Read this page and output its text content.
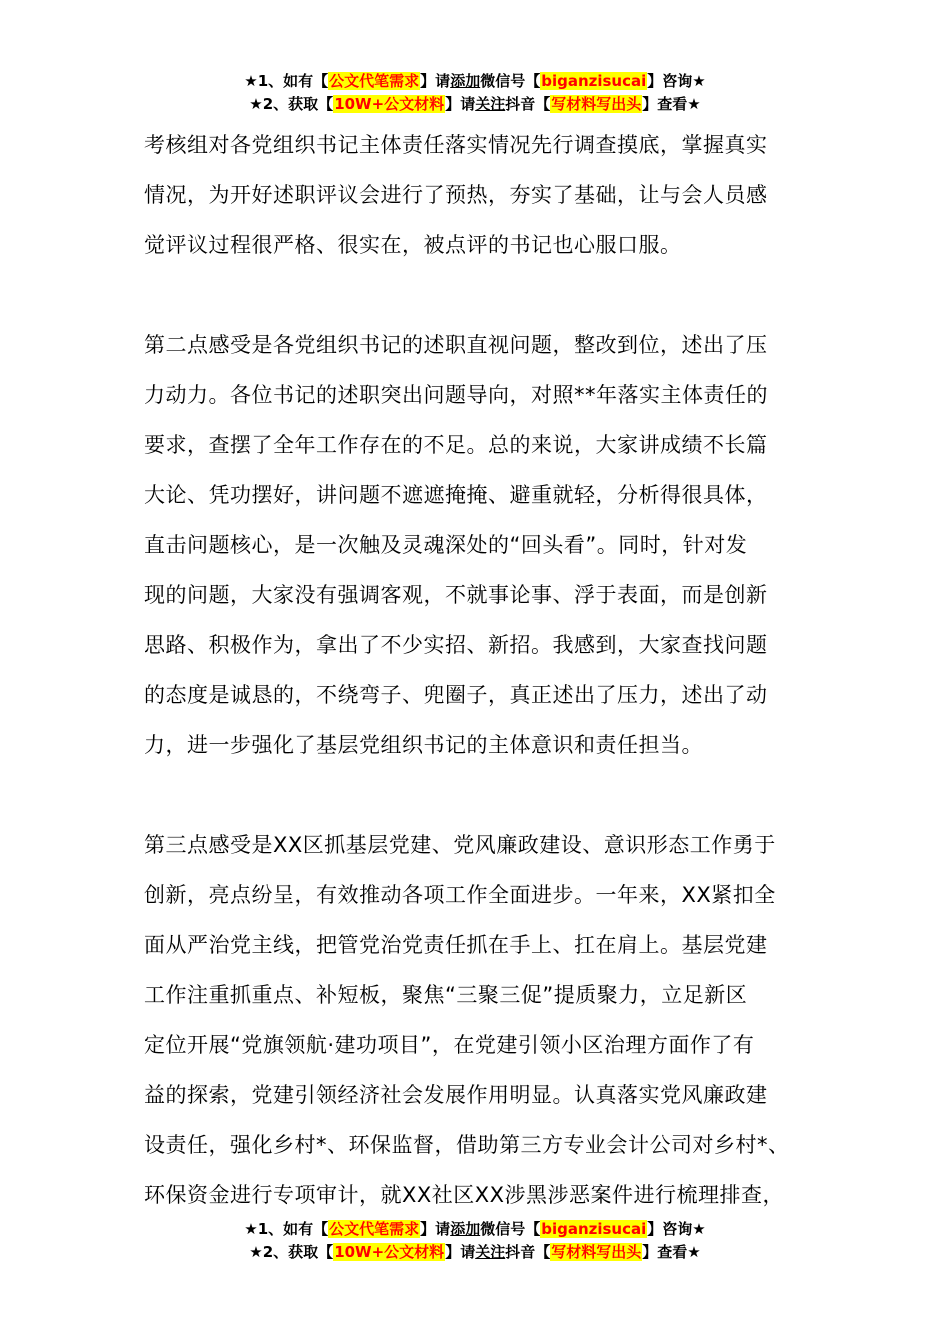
★1、如有【公文代笔需求】请添加微信号【biganzisucai】咨询★
★2、获取【10W+公文材料】请关注抖音【写材料写出头】查看★
考核组对各党组织书记主体责任落实情况先行调查摸底，掌握真实
情况，为开好述职评议会进行了预热，夯实了基础，让与会人员感
觉评议过程很严格、很实在，被点评的书记也心服口服。
第二点感受是各党组织书记的述职直视问题，整改到位，述出了压
力动力。各位书记的述职突出问题导向，对照**年落实主体责任的
要求，查摆了全年工作存在的不足。总的来说，大家讲成绩不长篇
大论、凭功摆好，讲问题不遮遮掩掩、避重就轻，分析得很具体，
直击问题核心，是一次触及灵魂深处的“回头看”。同时，针对发
现的问题，大家没有强调客观，不就事论事、浮于表面，而是创新
思路、积极作为，拿出了不少实招、新招。我感到，大家查找问题
的态度是诚恳的，不绕弯子、兜圈子，真正述出了压力，述出了动
力，进一步强化了基层党组织书记的主体意识和责任担当。
第三点感受是XX区抓基层党建、党风廉政建设、意识形态工作勇于
创新，亮点纷呈，有效推动各项工作全面进步。一年来，XX紧扣全
面从严治党主线，把管党治党责任抓在手上、扛在肩上。基层党建
工作注重抓重点、补短板，聚焦“三聚三促”提质聚力，立足新区
定位开展“党旗领航·建功项目”，在党建引领小区治理方面作了有
益的探索，党建引领经济社会发展作用明显。认真落实党风廉政建
设责任，强化乡村*、环保监督，借助第三方专业会计公司对乡村*、
环保资金进行专项审计，就XX社区XX涉黑涉恶案件进行梳理排查，
★1、如有【公文代笔需求】请添加微信号【biganzisucai】咨询★
★2、获取【10W+公文材料】请关注抖音【写材料写出头】查看★
